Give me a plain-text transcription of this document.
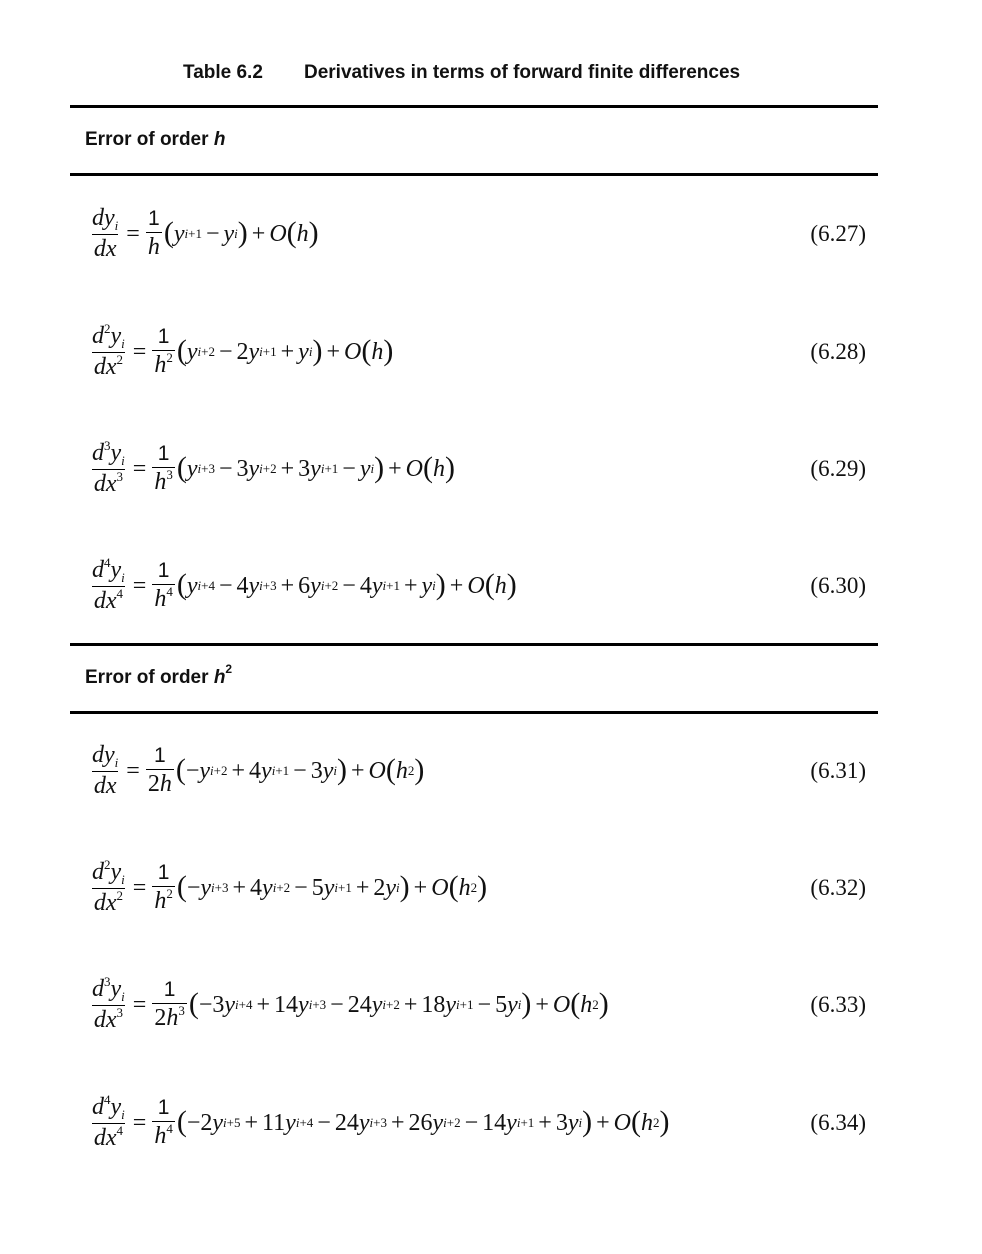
Table 6.2 Derivatives in terms of forward finite differences
Error of order h
$\frac{dy_i}{dx} = \frac{1}{h}$ ( y i+1 − y i ) + O ( h )	(6.27)
$\frac{d^2y_i}{dx^2} = \frac{1}{h^2}$ ( y i+2 − 2 y i+1 + y i ) + O ( h )	(6.28)
$\frac{d^3y_i}{dx^3} = \frac{1}{h^3}$ ( y i+3 − 3 y i+2 + 3 y i+1 − y i ) + O ( h )	(6.29)
$\frac{d^4y_i}{dx^4} = \frac{1}{h^4}$ ( y i+4 − 4 y i+3 + 6 y i+2 − 4 y i+1 + y i ) + O ( h )	(6.30)
Error of order $h^2$
$\frac{dy_i}{dx} = \frac{1}{2h}$ ( − y i+2 + 4 y i+1 − 3 y i ) + O ( h 2 )	(6.31)
$\frac{d^2y_i}{dx^2} = \frac{1}{h^2}$ ( − y i+3 + 4 y i+2 − 5 y i+1 + 2 y i ) + O ( h 2 )	(6.32)
$\frac{d^3y_i}{dx^3} = \frac{1}{2h^3}$ ( −3 y i+4 + 14 y i+3 − 24 y i+2 + 18 y i+1 − 5 y i ) + O ( h 2 )	(6.33)
$\frac{d^4y_i}{dx^4} = \frac{1}{h^4}$ ( −2 y i+5 + 11 y i+4 − 24 y i+3 + 26 y i+2 − 14 y i+1 + 3 y i ) + O ( h 2 )	(6.34)
